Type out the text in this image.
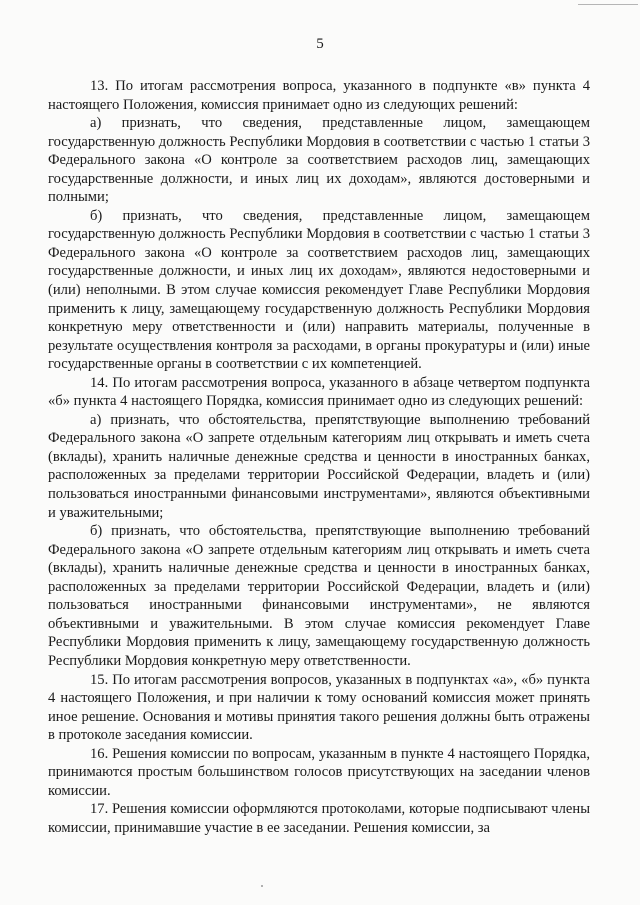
5

13. По итогам рассмотрения вопроса, указанного в подпункте «в» пункта 4 настоящего Положения, комиссия принимает одно из следующих решений:

а) признать, что сведения, представленные лицом, замещающем государственную должность Республики Мордовия в соответствии с частью 1 статьи 3 Федерального закона «О контроле за соответствием расходов лиц, замещающих государственные должности, и иных лиц их доходам», являются достоверными и полными;

б) признать, что сведения, представленные лицом, замещающем государственную должность Республики Мордовия в соответствии с частью 1 статьи 3 Федерального закона «О контроле за соответствием расходов лиц, замещающих государственные должности, и иных лиц их доходам», являются недостоверными и (или) неполными. В этом случае комиссия рекомендует Главе Республики Мордовия применить к лицу, замещающему государственную должность Республики Мордовия конкретную меру ответственности и (или) направить материалы, полученные в результате осуществления контроля за расходами, в органы прокуратуры и (или) иные государственные органы в соответствии с их компетенцией.

14. По итогам рассмотрения вопроса, указанного в абзаце четвертом подпункта «б» пункта 4 настоящего Порядка, комиссия принимает одно из следующих решений:

а) признать, что обстоятельства, препятствующие выполнению требований Федерального закона «О запрете отдельным категориям лиц открывать и иметь счета (вклады), хранить наличные денежные средства и ценности в иностранных банках, расположенных за пределами территории Российской Федерации, владеть и (или) пользоваться иностранными финансовыми инструментами», являются объективными и уважительными;

б) признать, что обстоятельства, препятствующие выполнению требований Федерального закона «О запрете отдельным категориям лиц открывать и иметь счета (вклады), хранить наличные денежные средства и ценности в иностранных банках, расположенных за пределами территории Российской Федерации, владеть и (или) пользоваться иностранными финансовыми инструментами», не являются объективными и уважительными. В этом случае комиссия рекомендует Главе Республики Мордовия применить к лицу, замещающему государственную должность Республики Мордовия конкретную меру ответственности.

15. По итогам рассмотрения вопросов, указанных в подпунктах «а», «б» пункта 4 настоящего Положения, и при наличии к тому оснований комиссия может принять иное решение. Основания и мотивы принятия такого решения должны быть отражены в протоколе заседания комиссии.

16. Решения комиссии по вопросам, указанным в пункте 4 настоящего Порядка, принимаются простым большинством голосов присутствующих на заседании членов комиссии.

17. Решения комиссии оформляются протоколами, которые подписывают члены комиссии, принимавшие участие в ее заседании. Решения комиссии, за
